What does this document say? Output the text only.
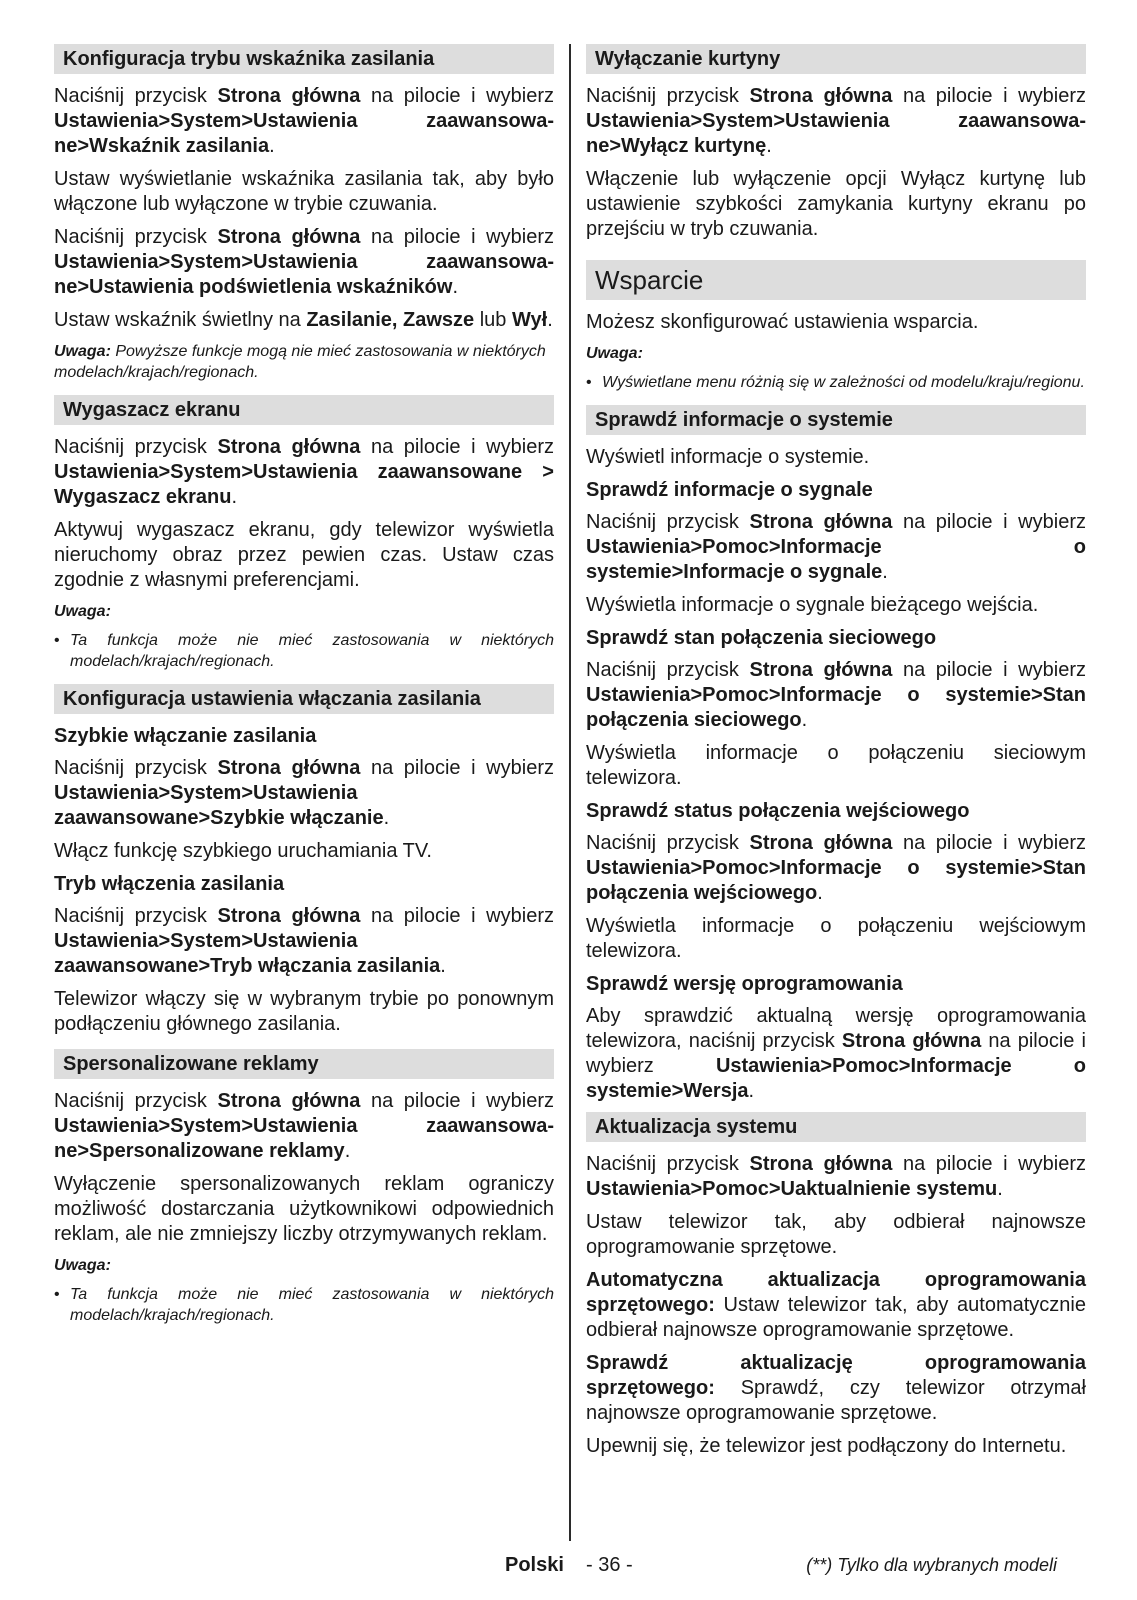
Konfiguracja trybu wskaźnika zasilania

Naciśnij przycisk Strona główna na pilocie i wybierz Ustawienia>System>Ustawienia zaawansowa-ne>Wskaźnik zasilania.

Ustaw wyświetlanie wskaźnika zasilania tak, aby było włączone lub wyłączone w trybie czuwania.

Naciśnij przycisk Strona główna na pilocie i wybierz Ustawienia>System>Ustawienia zaawansowa-ne>Ustawienia podświetlenia wskaźników.

Ustaw wskaźnik świetlny na Zasilanie, Zawsze lub Wył.

Uwaga: Powyższe funkcje mogą nie mieć zastosowania w niektórych modelach/krajach/regionach.

Wygaszacz ekranu

Naciśnij przycisk Strona główna na pilocie i wybierz Ustawienia>System>Ustawienia zaawansowane > Wygaszacz ekranu.

Aktywuj wygaszacz ekranu, gdy telewizor wyświetla nieruchomy obraz przez pewien czas. Ustaw czas zgodnie z własnymi preferencjami.

Uwaga:

• Ta funkcja może nie mieć zastosowania w niektórych modelach/krajach/regionach.

Konfiguracja ustawienia włączania zasilania

Szybkie włączanie zasilania

Naciśnij przycisk Strona główna na pilocie i wybierz Ustawienia>System>Ustawienia zaawansowane>Szybkie włączanie.

Włącz funkcję szybkiego uruchamiania TV.

Tryb włączenia zasilania

Naciśnij przycisk Strona główna na pilocie i wybierz Ustawienia>System>Ustawienia zaawansowane>Tryb włączania zasilania.

Telewizor włączy się w wybranym trybie po ponownym podłączeniu głównego zasilania.

Spersonalizowane reklamy

Naciśnij przycisk Strona główna na pilocie i wybierz Ustawienia>System>Ustawienia zaawansowa-ne>Spersonalizowane reklamy.

Wyłączenie spersonalizowanych reklam ograniczy możliwość dostarczania użytkownikowi odpowiednich reklam, ale nie zmniejszy liczby otrzymywanych reklam.

Uwaga:

• Ta funkcja może nie mieć zastosowania w niektórych modelach/krajach/regionach.

Wyłączanie kurtyny

Naciśnij przycisk Strona główna na pilocie i wybierz Ustawienia>System>Ustawienia zaawansowa-ne>Wyłącz kurtynę.

Włączenie lub wyłączenie opcji Wyłącz kurtynę lub ustawienie szybkości zamykania kurtyny ekranu po przejściu w tryb czuwania.

Wsparcie

Możesz skonfigurować ustawienia wsparcia.

Uwaga:

• Wyświetlane menu różnią się w zależności od modelu/kraju/regionu.

Sprawdź informacje o systemie

Wyświetl informacje o systemie.

Sprawdź informacje o sygnale

Naciśnij przycisk Strona główna na pilocie i wybierz Ustawienia>Pomoc>Informacje o systemie>Informacje o sygnale.

Wyświetla informacje o sygnale bieżącego wejścia.

Sprawdź stan połączenia sieciowego

Naciśnij przycisk Strona główna na pilocie i wybierz Ustawienia>Pomoc>Informacje o systemie>Stan połączenia sieciowego.

Wyświetla informacje o połączeniu sieciowym telewizora.

Sprawdź status połączenia wejściowego

Naciśnij przycisk Strona główna na pilocie i wybierz Ustawienia>Pomoc>Informacje o systemie>Stan połączenia wejściowego.

Wyświetla informacje o połączeniu wejściowym telewizora.

Sprawdź wersję oprogramowania

Aby sprawdzić aktualną wersję oprogramowania telewizora, naciśnij przycisk Strona główna na pilocie i wybierz Ustawienia>Pomoc>Informacje o systemie>Wersja.

Aktualizacja systemu

Naciśnij przycisk Strona główna na pilocie i wybierz Ustawienia>Pomoc>Uaktualnienie systemu.

Ustaw telewizor tak, aby odbierał najnowsze oprogramowanie sprzętowe.

Automatyczna aktualizacja oprogramowania sprzętowego: Ustaw telewizor tak, aby automatycznie odbierał najnowsze oprogramowanie sprzętowe.

Sprawdź aktualizację oprogramowania sprzętowego: Sprawdź, czy telewizor otrzymał najnowsze oprogramowanie sprzętowe.

Upewnij się, że telewizor jest podłączony do Internetu.

Polski - 36 -	(**) Tylko dla wybranych modeli
